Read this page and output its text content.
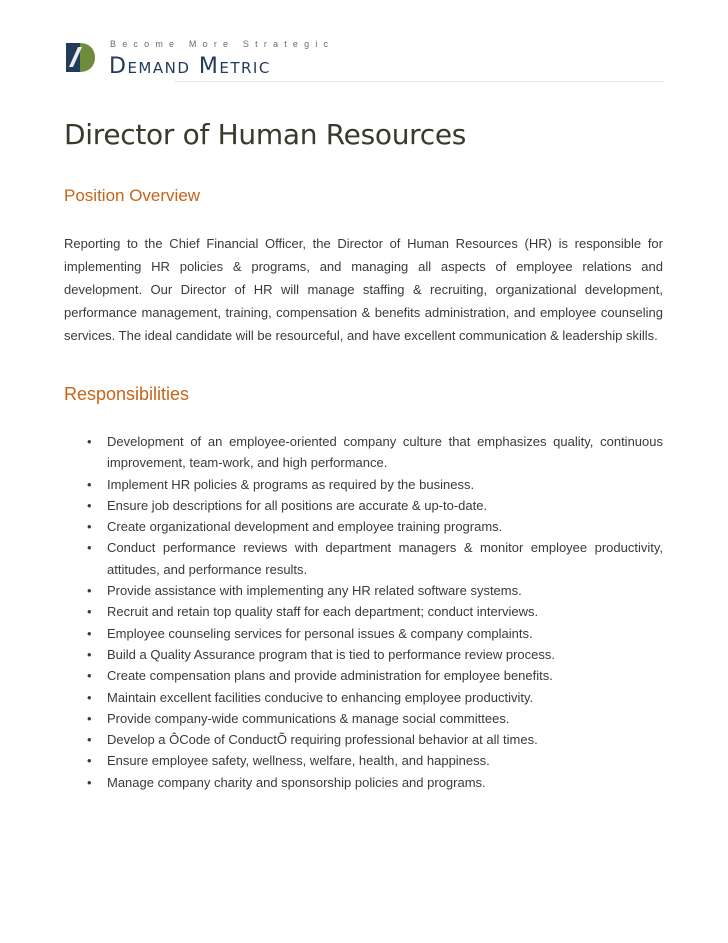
Become More Strategic
Demand Metric
Director of Human Resources
Position Overview

Reporting to the Chief Financial Officer, the Director of Human Resources (HR) is responsible for implementing HR policies & programs, and managing all aspects of employee relations and development. Our Director of HR will manage staffing & recruiting, organizational development, performance management, training, compensation & benefits administration, and employee counseling services. The ideal candidate will be resourceful, and have excellent communication & leadership skills.

Responsibilities
• Development of an employee-oriented company culture that emphasizes quality, continuous improvement, team-work, and high performance.
• Implement HR policies & programs as required by the business.
• Ensure job descriptions for all positions are accurate & up-to-date.
• Create organizational development and employee training programs.
• Conduct performance reviews with department managers & monitor employee productivity, attitudes, and performance results.
• Provide assistance with implementing any HR related software systems.
• Recruit and retain top quality staff for each department; conduct interviews.
• Employee counseling services for personal issues & company complaints.
• Build a Quality Assurance program that is tied to performance review process.
• Create compensation plans and provide administration for employee benefits.
• Maintain excellent facilities conducive to enhancing employee productivity.
• Provide company-wide communications & manage social committees.
• Develop a ÔCode of ConductÕ requiring professional behavior at all times.
• Ensure employee safety, wellness, welfare, health, and happiness.
• Manage company charity and sponsorship policies and programs.
